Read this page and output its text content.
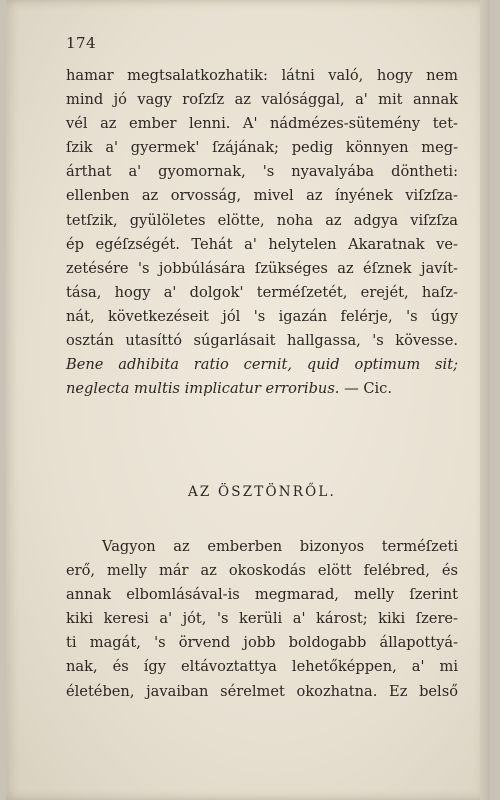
174
hamar megtsalatkozhatik: látni való, hogy nem
mind jó vagy roſzſz az valósággal, a' mit annak
vél az ember lenni. A' nádmézes-sütemény tet-
ſzik a' gyermek' ſzájának; pedig könnyen meg-
árthat a' gyomornak, 's nyavalyába döntheti:
ellenben az orvosság, mivel az ínyének viſzſza-
tetſzik, gyülöletes elötte, noha az adgya viſzſza
ép egéſzségét. Tehát a' helytelen Akaratnak ve-
zetésére 's jobbúlására ſzükséges az éſznek javít-
tása, hogy a' dolgok' terméſzetét, erejét, haſz-
nát, következéseit jól 's igazán felérje, 's úgy
osztán utasíttó súgarlásait hallgassa, 's kövesse.
Bene adhibita ratio cernit, quid optimum sit;
neglecta multis implicatur erroribus. — Cic.
AZ ÖSZTÖNRŐL.
Vagyon az emberben bizonyos terméſzeti
erő, melly már az okoskodás elött felébred, és
annak elbomlásával-is megmarad, melly ſzerint
kiki keresi a' jót, 's kerüli a' károst; kiki ſzere-
ti magát, 's örvend jobb boldogabb állapottyá-
nak, és így eltávoztattya lehetőképpen, a' mi
életében, javaiban sérelmet okozhatna. Ez belső
